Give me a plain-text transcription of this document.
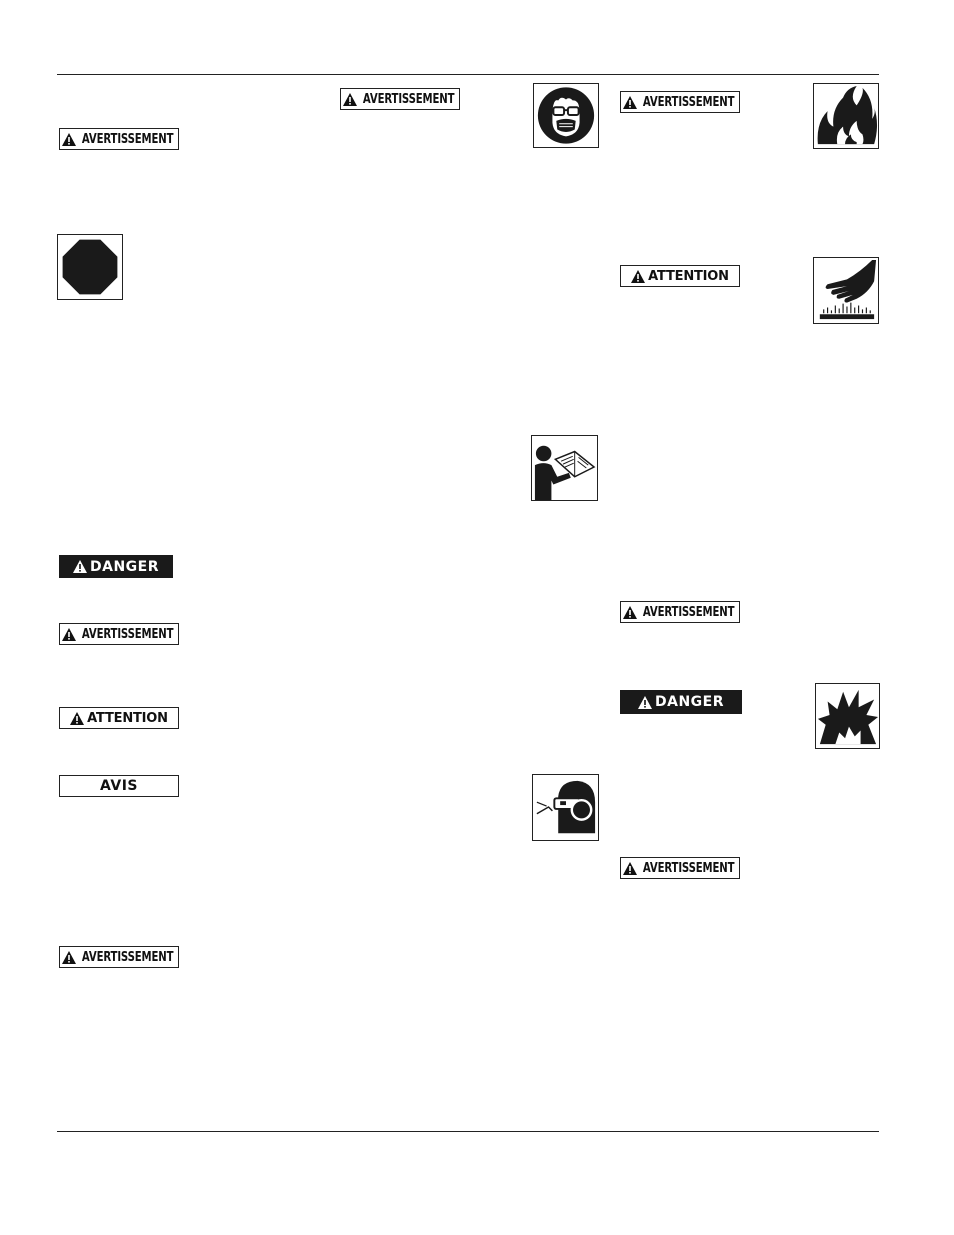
AVERTISSEMENT
AVERTISSEMENT
DANGER
AVERTISSEMENT
ATTENTION
AVIS
AVERTISSEMENT
AVERTISSEMENT
ATTENTION
AVERTISSEMENT
DANGER
AVERTISSEMENT
